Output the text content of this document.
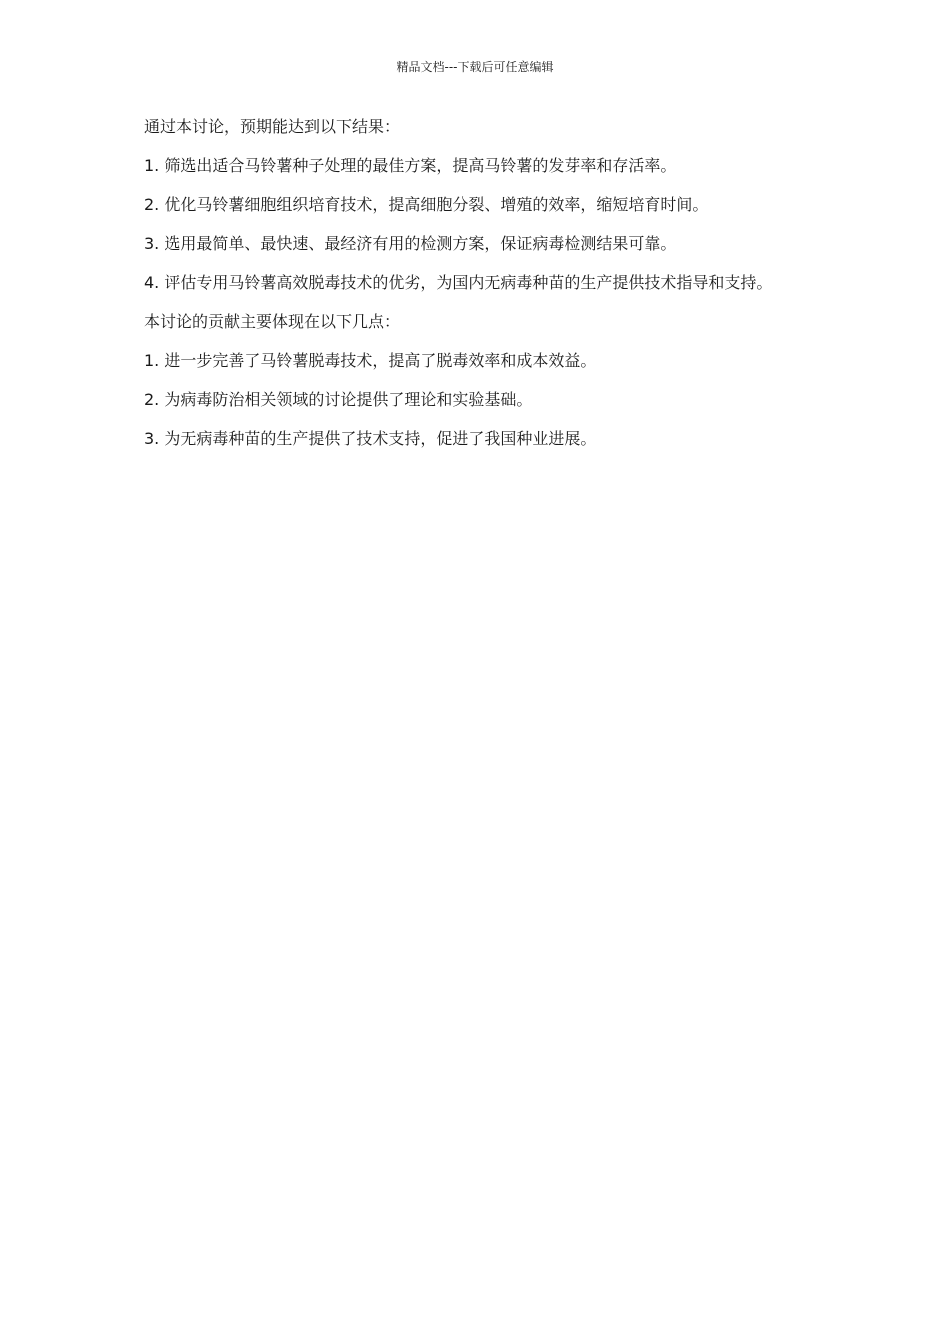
精品文档---下载后可任意编辑

通过本讨论，预期能达到以下结果：

1. 筛选出适合马铃薯种子处理的最佳方案，提高马铃薯的发芽率和存活率。

2. 优化马铃薯细胞组织培育技术，提高细胞分裂、增殖的效率，缩短培育时间。

3. 选用最简单、最快速、最经济有用的检测方案，保证病毒检测结果可靠。

4. 评估专用马铃薯高效脱毒技术的优劣，为国内无病毒种苗的生产提供技术指导和支持。

本讨论的贡献主要体现在以下几点：

1. 进一步完善了马铃薯脱毒技术，提高了脱毒效率和成本效益。

2. 为病毒防治相关领域的讨论提供了理论和实验基础。

3. 为无病毒种苗的生产提供了技术支持，促进了我国种业进展。
